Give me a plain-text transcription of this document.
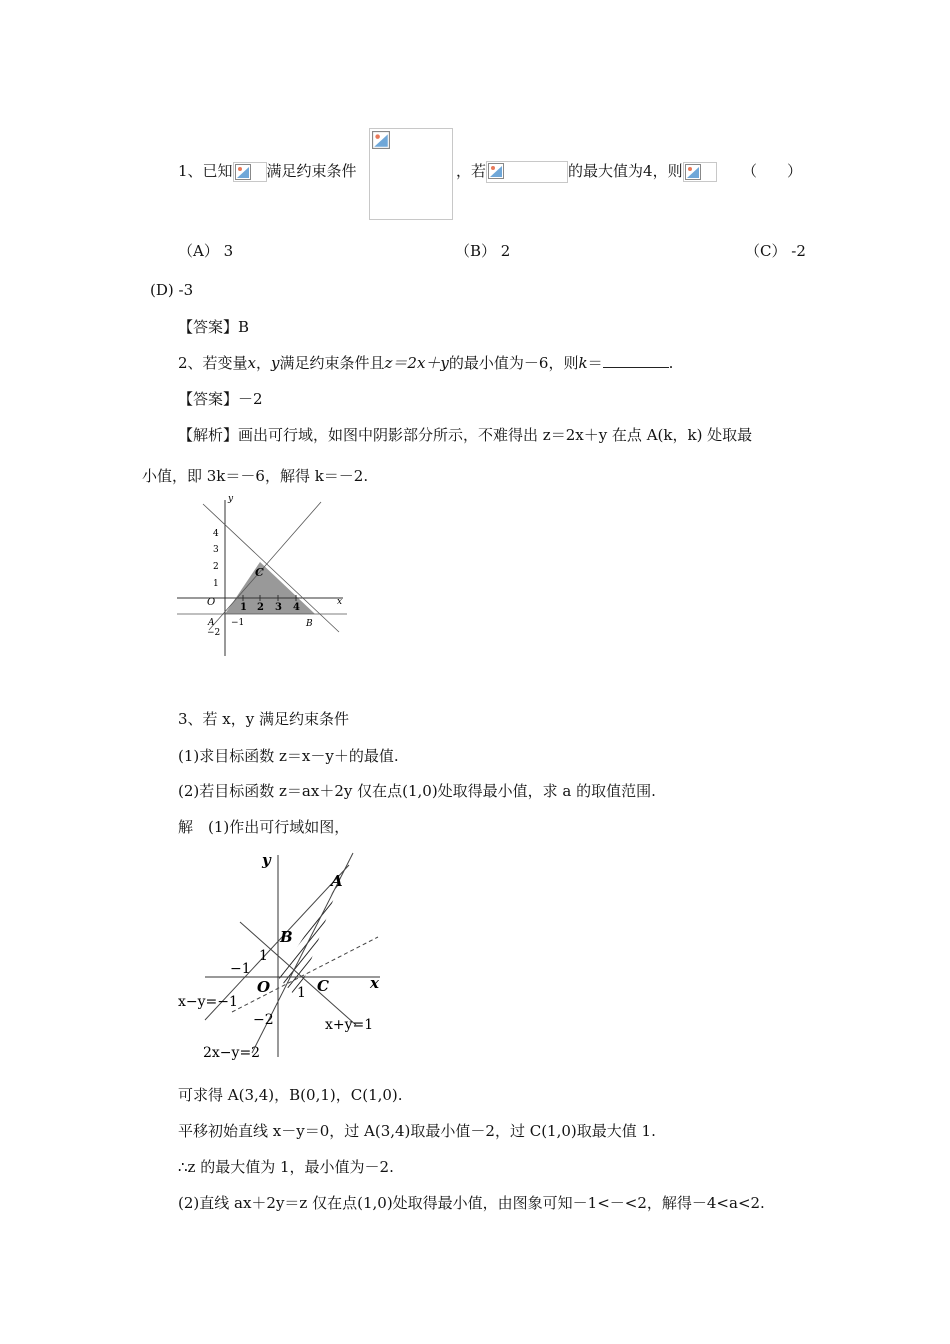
1、已知 满足约束条件	，若	的最大值为4，则	（　　）
（A） 3	（B） 2	（C） -2
(D) -3
【答案】B
2、若变量x，y满足约束条件且z＝2x＋y的最小值为－6，则k＝	.
【答案】－2
【解析】画出可行域，如图中阴影部分所示，不难得出 z＝2x＋y 在点 A(k，k) 处取最
小值，即 3k＝－6，解得 k＝－2.
y
x
O
4
3
2
1
−2
1 2 3 4
−1
A	B
C
3、若 x，y 满足约束条件
(1)求目标函数 z＝x－y＋的最值.
(2)若目标函数 z＝ax＋2y 仅在点(1,0)处取得最小值，求 a 的取值范围.
解　(1)作出可行域如图，
y
x
O
A
B
C
1
−1
1
−2
x−y=−1
x+y=1
2x−y=2
可求得 A(3,4)，B(0,1)，C(1,0).
平移初始直线 x－y＝0，过 A(3,4)取最小值－2，过 C(1,0)取最大值 1.
∴z 的最大值为 1，最小值为－2.
(2)直线 ax＋2y＝z 仅在点(1,0)处取得最小值，由图象可知－1<－<2，解得－4<a<2.
